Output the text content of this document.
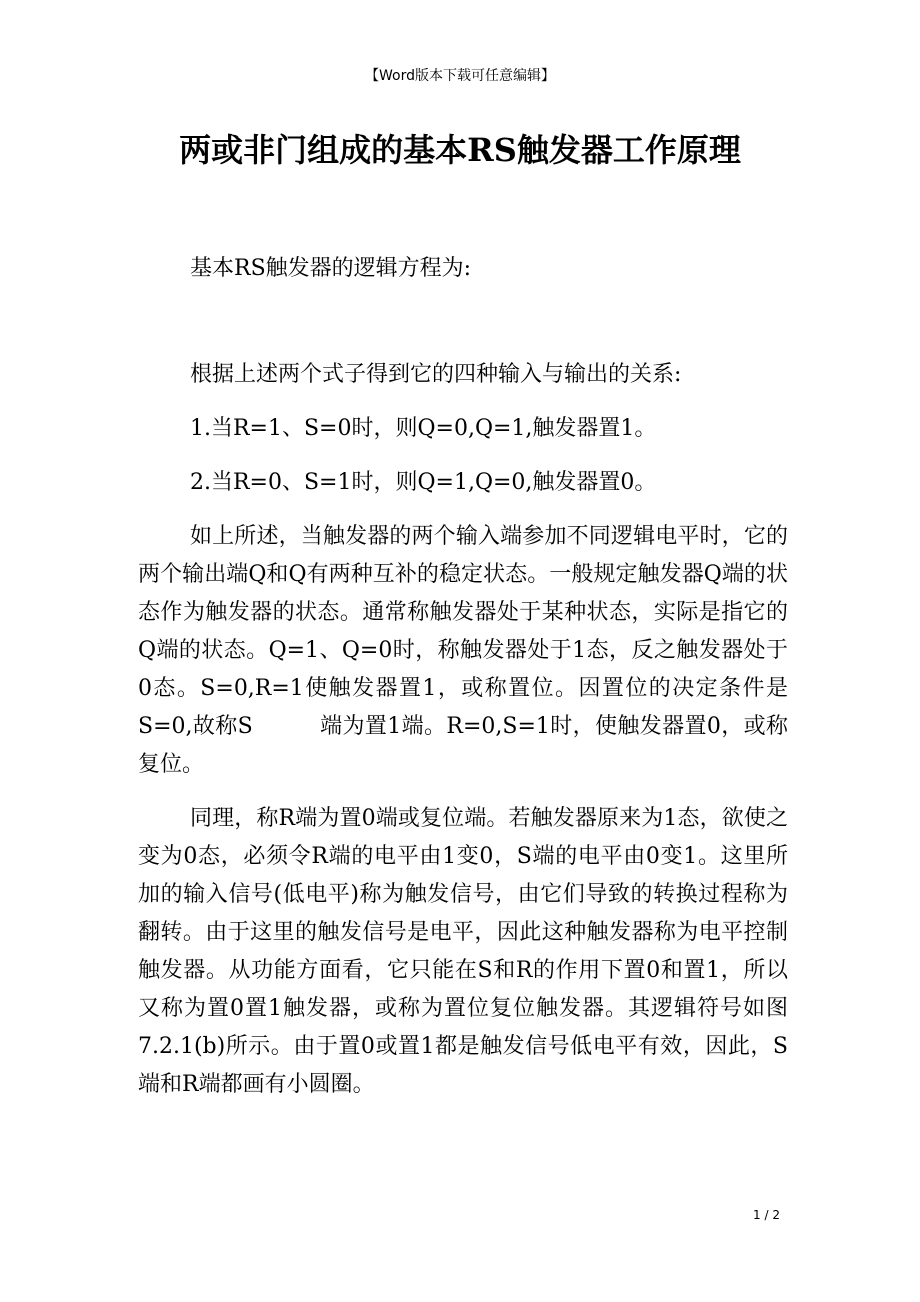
【Word版本下载可任意编辑】
两或非门组成的基本RS触发器工作原理

基本RS触发器的逻辑方程为:

根据上述两个式子得到它的四种输入与输出的关系:

1.当R=1、S=0时，则Q=0,Q=1,触发器置1。

2.当R=0、S=1时，则Q=1,Q=0,触发器置0。

如上所述，当触发器的两个输入端参加不同逻辑电平时，它的两个输出端Q和Q有两种互补的稳定状态。一般规定触发器Q端的状态作为触发器的状态。通常称触发器处于某种状态，实际是指它的Q端的状态。Q=1、Q=0时，称触发器处于1态，反之触发器处于0态。S=0,R=1使触发器置1，或称置位。因置位的决定条件是S=0,故称S　　　端为置1端。R=0,S=1时，使触发器置0，或称复位。

同理，称R端为置0端或复位端。若触发器原来为1态，欲使之变为0态，必须令R端的电平由1变0，S端的电平由0变1。这里所加的输入信号(低电平)称为触发信号，由它们导致的转换过程称为翻转。由于这里的触发信号是电平，因此这种触发器称为电平控制触发器。从功能方面看，它只能在S和R的作用下置0和置1，所以又称为置0置1触发器，或称为置位复位触发器。其逻辑符号如图7.2.1(b)所示。由于置0或置1都是触发信号低电平有效，因此，S端和R端都画有小圆圈。

1 / 2
